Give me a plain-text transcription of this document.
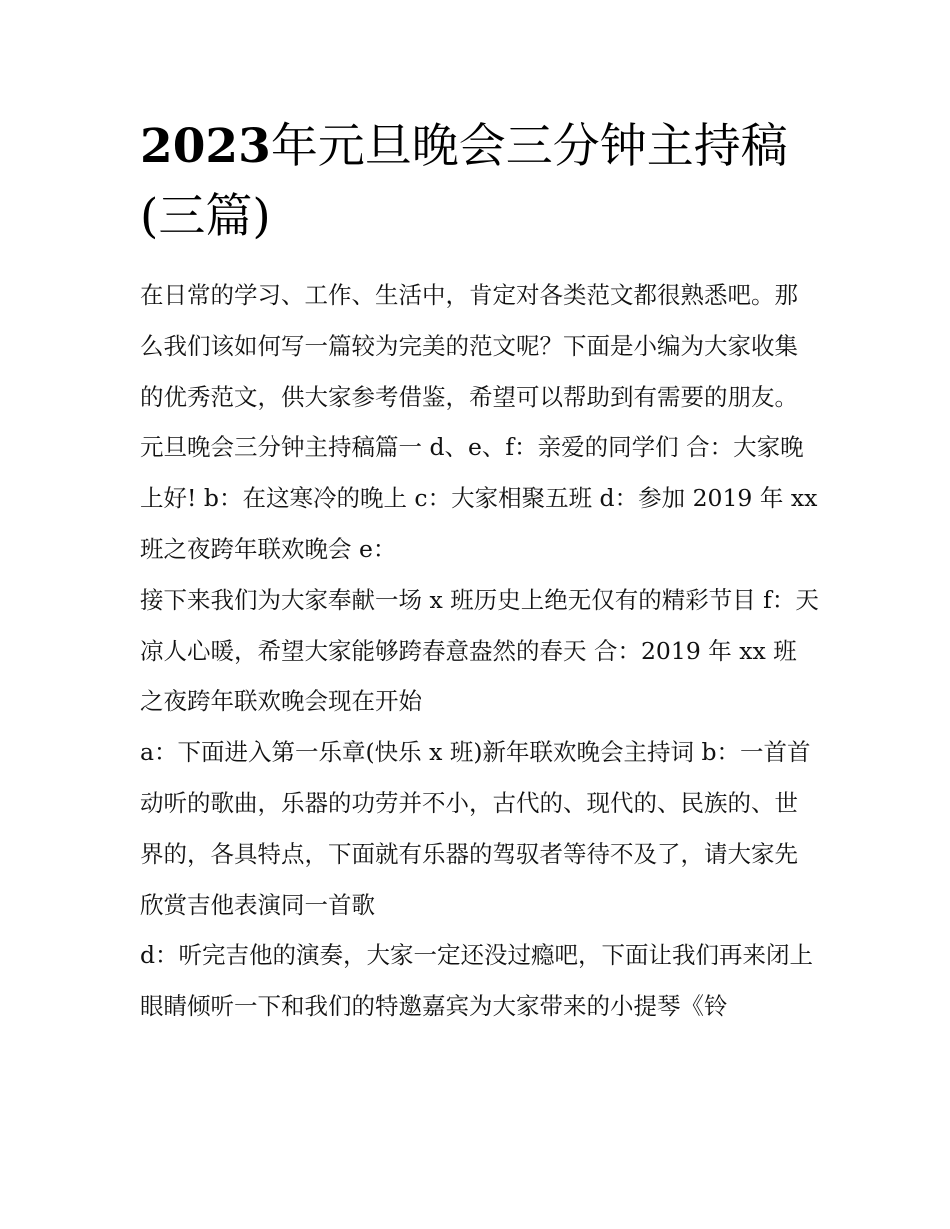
2023年元旦晚会三分钟主持稿(三篇)

在日常的学习、工作、生活中，肯定对各类范文都很熟悉吧。那么我们该如何写一篇较为完美的范文呢？下面是小编为大家收集的优秀范文，供大家参考借鉴，希望可以帮助到有需要的朋友。

元旦晚会三分钟主持稿篇一 d、e、f：亲爱的同学们 合：大家晚上好! b：在这寒冷的晚上 c：大家相聚五班 d：参加 2019 年 xx 班之夜跨年联欢晚会 e：

接下来我们为大家奉献一场 x 班历史上绝无仅有的精彩节目 f：天凉人心暖，希望大家能够跨春意盎然的春天 合：2019 年 xx 班之夜跨年联欢晚会现在开始

a：下面进入第一乐章(快乐 x 班)新年联欢晚会主持词 b：一首首动听的歌曲，乐器的功劳并不小，古代的、现代的、民族的、世界的，各具特点，下面就有乐器的驾驭者等待不及了，请大家先欣赏吉他表演同一首歌

d：听完吉他的演奏，大家一定还没过瘾吧，下面让我们再来闭上眼睛倾听一下和我们的特邀嘉宾为大家带来的小提琴《铃
